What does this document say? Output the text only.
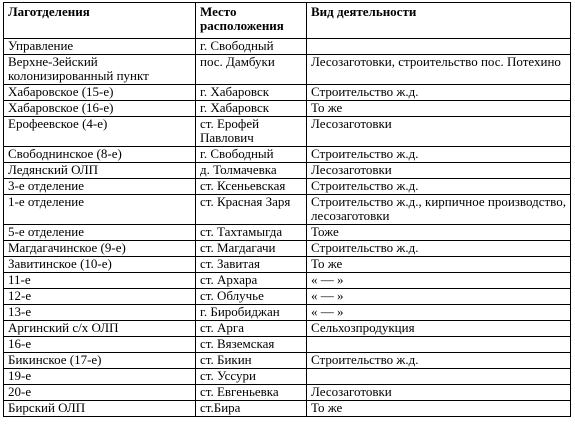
Лаготделения	Место расположения	Вид деятельности
Управление	г. Свободный	
Верхне-Зейский колонизированный пункт	пос. Дамбуки	Лесозаготовки, строительство пос. Потехино
Хабаровское (15-е)	г. Хабаровск	Строительство ж.д.
Хабаровское (16-е)	г. Хабаровск	То же
Ерофеевское (4-е)	ст. Ерофей Павлович	Лесозаготовки
Свободнинское (8-е)	г. Свободный	Строительство ж.д.
Ледянский ОЛП	д. Толмачевка	Лесозаготовки
3-е отделение	ст. Ксеньевская	Строительство ж.д.
1-е отделение	ст. Красная Заря	Строительство ж.д., кирпичное производство, лесозаготовки
5-е отделение	ст. Тахтамыгда	Тоже
Магдагачинское (9-е)	ст. Магдагачи	Строительство ж.д.
Завитинское (10-е)	ст. Завитая	То же
11-е	ст. Архара	« — »
12-е	ст. Облучье	« — »
13-е	г. Биробиджан	« — »
Аргинский с/х ОЛП	ст. Арга	Сельхозпродукция
16-е	ст. Вяземская	
Бикинское (17-е)	ст. Бикин	Строительство ж.д.
19-е	ст. Уссури	
20-е	ст. Евгеньевка	Лесозаготовки
Бирский ОЛП	ст.Бира	То же
